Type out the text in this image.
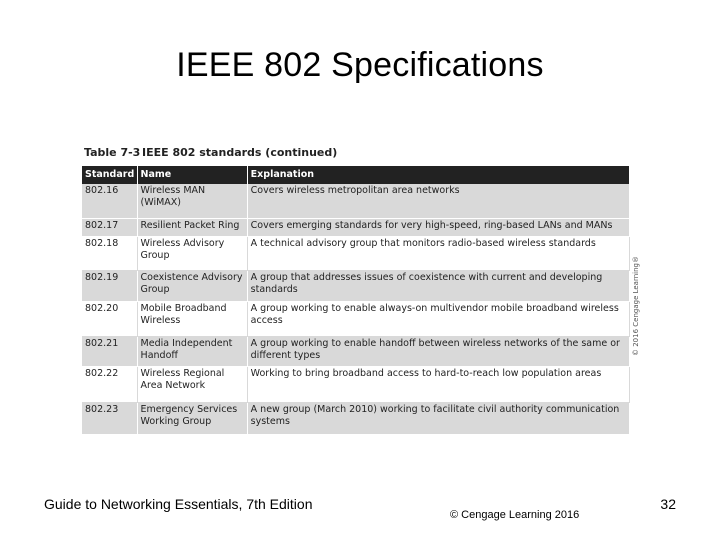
IEEE 802 Specifications
Table 7-3 IEEE 802 standards (continued)
Standard	Name	Explanation
802.16	Wireless MAN (WiMAX)	Covers wireless metropolitan area networks
802.17	Resilient Packet Ring	Covers emerging standards for very high-speed, ring-based LANs and MANs
802.18	Wireless Advisory Group	A technical advisory group that monitors radio-based wireless standards
802.19	Coexistence Advisory Group	A group that addresses issues of coexistence with current and developing standards
802.20	Mobile Broadband Wireless	A group working to enable always-on multivendor mobile broadband wireless access
802.21	Media Independent Handoff	A group working to enable handoff between wireless networks of the same or different types
802.22	Wireless Regional Area Network	Working to bring broadband access to hard-to-reach low population areas
802.23	Emergency Services Working Group	A new group (March 2010) working to facilitate civil authority communication systems
© 2016 Cengage Learning®
Guide to Networking Essentials, 7th Edition
© Cengage Learning 2016
32
